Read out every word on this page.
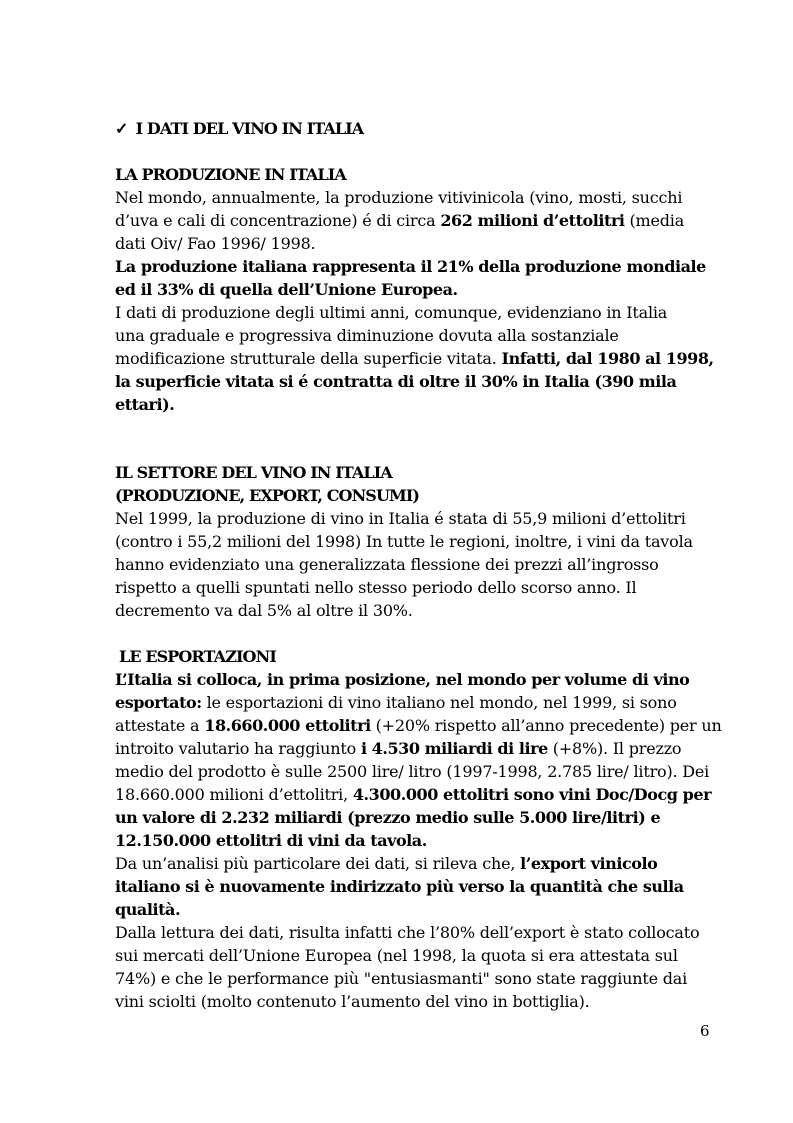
✓ I DATI DEL VINO IN ITALIA
LA PRODUZIONE IN ITALIA
Nel mondo, annualmente, la produzione vitivinicola (vino, mosti, succhi
d’uva e cali di concentrazione) é di circa 262 milioni d’ettolitri (media
dati Oiv/ Fao 1996/ 1998.
La produzione italiana rappresenta il 21% della produzione mondiale
ed il 33% di quella dell’Unione Europea.
I dati di produzione degli ultimi anni, comunque, evidenziano in Italia
una graduale e progressiva diminuzione dovuta alla sostanziale
modificazione strutturale della superficie vitata. Infatti, dal 1980 al 1998,
la superficie vitata si é contratta di oltre il 30% in Italia (390 mila
ettari).
IL SETTORE DEL VINO IN ITALIA
(PRODUZIONE, EXPORT, CONSUMI)
Nel 1999, la produzione di vino in Italia é stata di 55,9 milioni d’ettolitri
(contro i 55,2 milioni del 1998) In tutte le regioni, inoltre, i vini da tavola
hanno evidenziato una generalizzata flessione dei prezzi all’ingrosso
rispetto a quelli spuntati nello stesso periodo dello scorso anno. Il
decremento va dal 5% al oltre il 30%.
LE ESPORTAZIONI
L’Italia si colloca, in prima posizione, nel mondo per volume di vino
esportato: le esportazioni di vino italiano nel mondo, nel 1999, si sono
attestate a 18.660.000 ettolitri (+20% rispetto all’anno precedente) per un
introito valutario ha raggiunto i 4.530 miliardi di lire (+8%). Il prezzo
medio del prodotto è sulle 2500 lire/ litro (1997-1998, 2.785 lire/ litro). Dei
18.660.000 milioni d’ettolitri, 4.300.000 ettolitri sono vini Doc/Docg per
un valore di 2.232 miliardi (prezzo medio sulle 5.000 lire/litri) e
12.150.000 ettolitri di vini da tavola.
Da un’analisi più particolare dei dati, si rileva che, l’export vinicolo
italiano si è nuovamente indirizzato più verso la quantità che sulla
qualità.
Dalla lettura dei dati, risulta infatti che l’80% dell’export è stato collocato
sui mercati dell’Unione Europea (nel 1998, la quota si era attestata sul
74%) e che le performance più "entusiasmanti" sono state raggiunte dai
vini sciolti (molto contenuto l’aumento del vino in bottiglia).
6
